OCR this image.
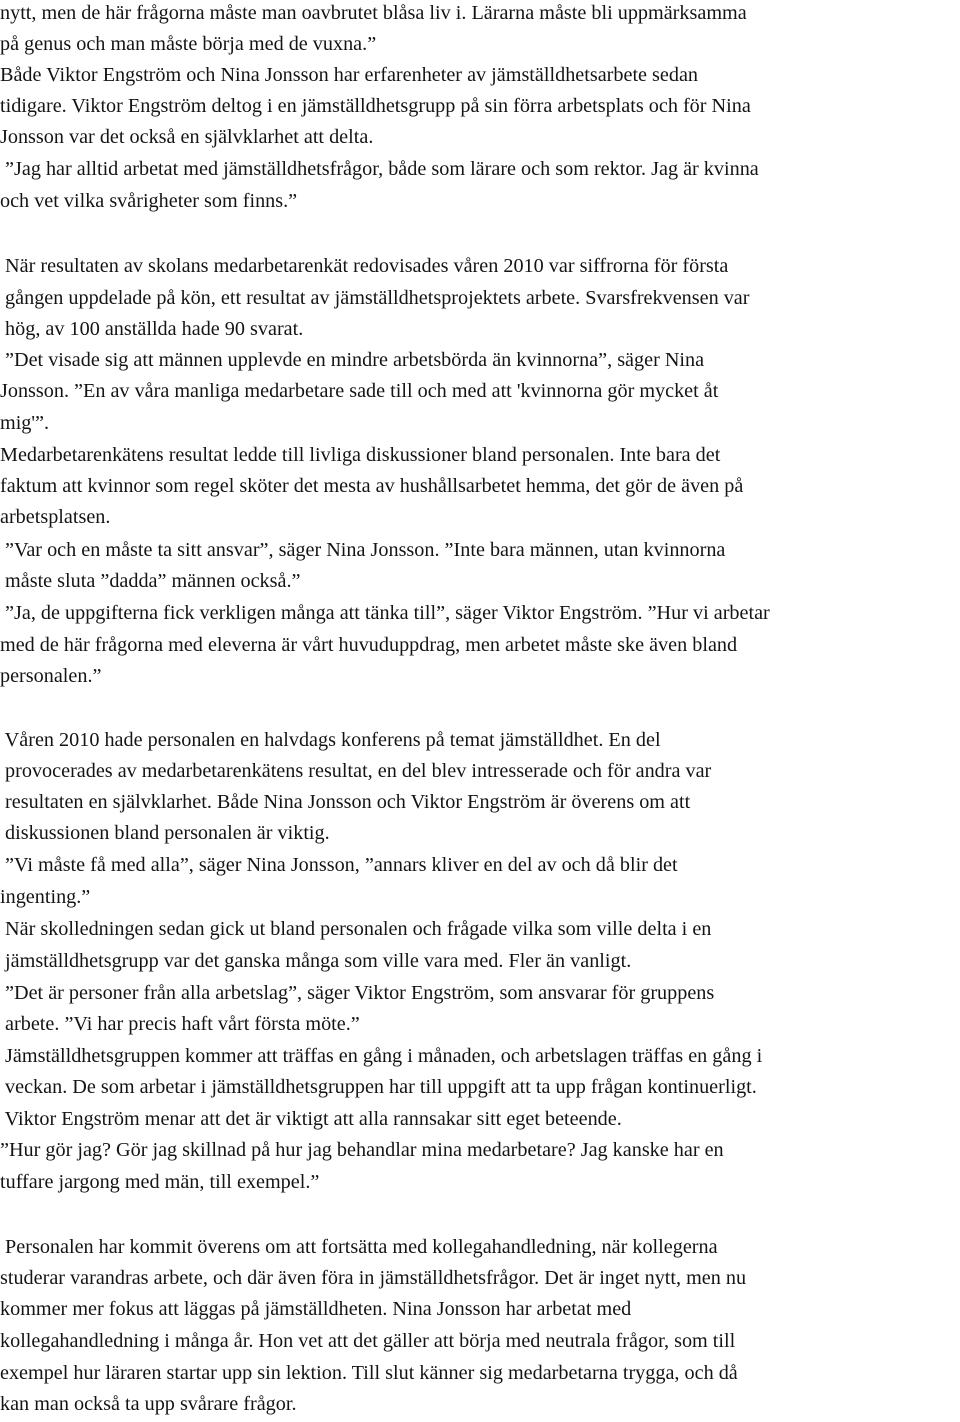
nytt, men de här frågorna måste man oavbrutet blåsa liv i. Lärarna måste bli uppmärksamma
på genus och man måste börja med de vuxna.”
Både Viktor Engström och Nina Jonsson har erfarenheter av jämställdhetsarbete sedan
tidigare. Viktor Engström deltog i en jämställdhetsgrupp på sin förra arbetsplats och för Nina
Jonsson var det också en självklarhet att delta.
”Jag har alltid arbetat med jämställdhetsfrågor, både som lärare och som rektor. Jag är kvinna
och vet vilka svårigheter som finns.”
När resultaten av skolans medarbetarenkät redovisades våren 2010 var siffrorna för första
gången uppdelade på kön, ett resultat av jämställdhetsprojektets arbete. Svarsfrekvensen var
hög, av 100 anställda hade 90 svarat.
”Det visade sig att männen upplevde en mindre arbetsbörda än kvinnorna”, säger Nina
Jonsson. ”En av våra manliga medarbetare sade till och med att 'kvinnorna gör mycket åt
mig'”.
Medarbetarenkätens resultat ledde till livliga diskussioner bland personalen. Inte bara det
faktum att kvinnor som regel sköter det mesta av hushållsarbetet hemma, det gör de även på
arbetsplatsen.
”Var och en måste ta sitt ansvar”, säger Nina Jonsson. ”Inte bara männen, utan kvinnorna
måste sluta ”dadda” männen också.”
”Ja, de uppgifterna fick verkligen många att tänka till”, säger Viktor Engström. ”Hur vi arbetar
med de här frågorna med eleverna är vårt huvuduppdrag, men arbetet måste ske även bland
personalen.”
Våren 2010 hade personalen en halvdags konferens på temat jämställdhet. En del
provocerades av medarbetarenkätens resultat, en del blev intresserade och för andra var
resultaten en självklarhet. Både Nina Jonsson och Viktor Engström är överens om att
diskussionen bland personalen är viktig.
”Vi måste få med alla”, säger Nina Jonsson, ”annars kliver en del av och då blir det
ingenting.”
När skolledningen sedan gick ut bland personalen och frågade vilka som ville delta i en
jämställdhetsgrupp var det ganska många som ville vara med. Fler än vanligt.
”Det är personer från alla arbetslag”, säger Viktor Engström, som ansvarar för gruppens
arbete. ”Vi har precis haft vårt första möte.”
Jämställdhetsgruppen kommer att träffas en gång i månaden, och arbetslagen träffas en gång i
veckan. De som arbetar i jämställdhetsgruppen har till uppgift att ta upp frågan kontinuerligt.
Viktor Engström menar att det är viktigt att alla rannsakar sitt eget beteende.
”Hur gör jag? Gör jag skillnad på hur jag behandlar mina medarbetare? Jag kanske har en
tuffare jargong med män, till exempel.”
Personalen har kommit överens om att fortsätta med kollegahandledning, när kollegerna
studerar varandras arbete, och där även föra in jämställdhetsfrågor. Det är inget nytt, men nu
kommer mer fokus att läggas på jämställdheten. Nina Jonsson har arbetat med
kollegahandledning i många år. Hon vet att det gäller att börja med neutrala frågor, som till
exempel hur läraren startar upp sin lektion. Till slut känner sig medarbetarna trygga, och då
kan man också ta upp svårare frågor.
